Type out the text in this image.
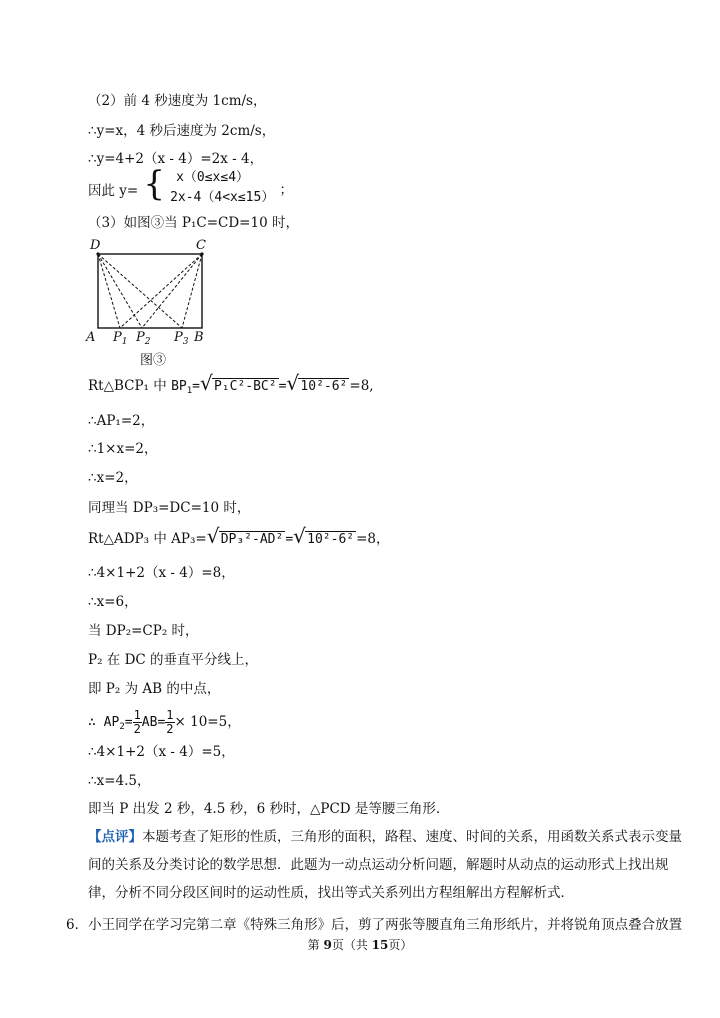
（2）前 4 秒速度为 1cm/s，
∴y=x，4 秒后速度为 2cm/s，
∴y=4+2（x - 4）=2x - 4，
因此 y= { x（0≤x≤4）
2x-4（4<x≤15） ；
（3）如图③当 P₁C=CD=10 时，
D	C
A $P_1$ $P_2$ $P_3$ B
图③
Rt△BCP₁ 中 $BP_1=$ √ P₁C²-BC² = √ 10²-6² =8,
∴AP₁=2，
∴1×x=2，
∴x=2，
同理当 DP₃=DC=10 时，
Rt△ADP₃ 中 AP₃= √ DP₃²-AD² = √ 10²-6² =8，
∴4×1+2（x - 4）=8，
∴x=6，
当 DP₂=CP₂ 时，
P₂ 在 DC 的垂直平分线上，
即 P₂ 为 AB 的中点，
∴ $AP_2= \frac{1}{2} AB= \frac{1}{2} \times 10=5$，
∴4×1+2（x - 4）=5，
∴x=4.5，
即当 P 出发 2 秒，4.5 秒，6 秒时，△PCD 是等腰三角形．
【点评】本题考查了矩形的性质，三角形的面积，路程、速度、时间的关系，用函数关系式表示变量间的关系及分类讨论的数学思想．此题为一动点运动分析问题，解题时从动点的运动形式上找出规律，分析不同分段区间时的运动性质，找出等式关系列出方程组解出方程解析式．
6．小王同学在学习完第二章《特殊三角形》后，剪了两张等腰直角三角形纸片，并将锐角顶点叠合放置
第 9页（共 15页）
